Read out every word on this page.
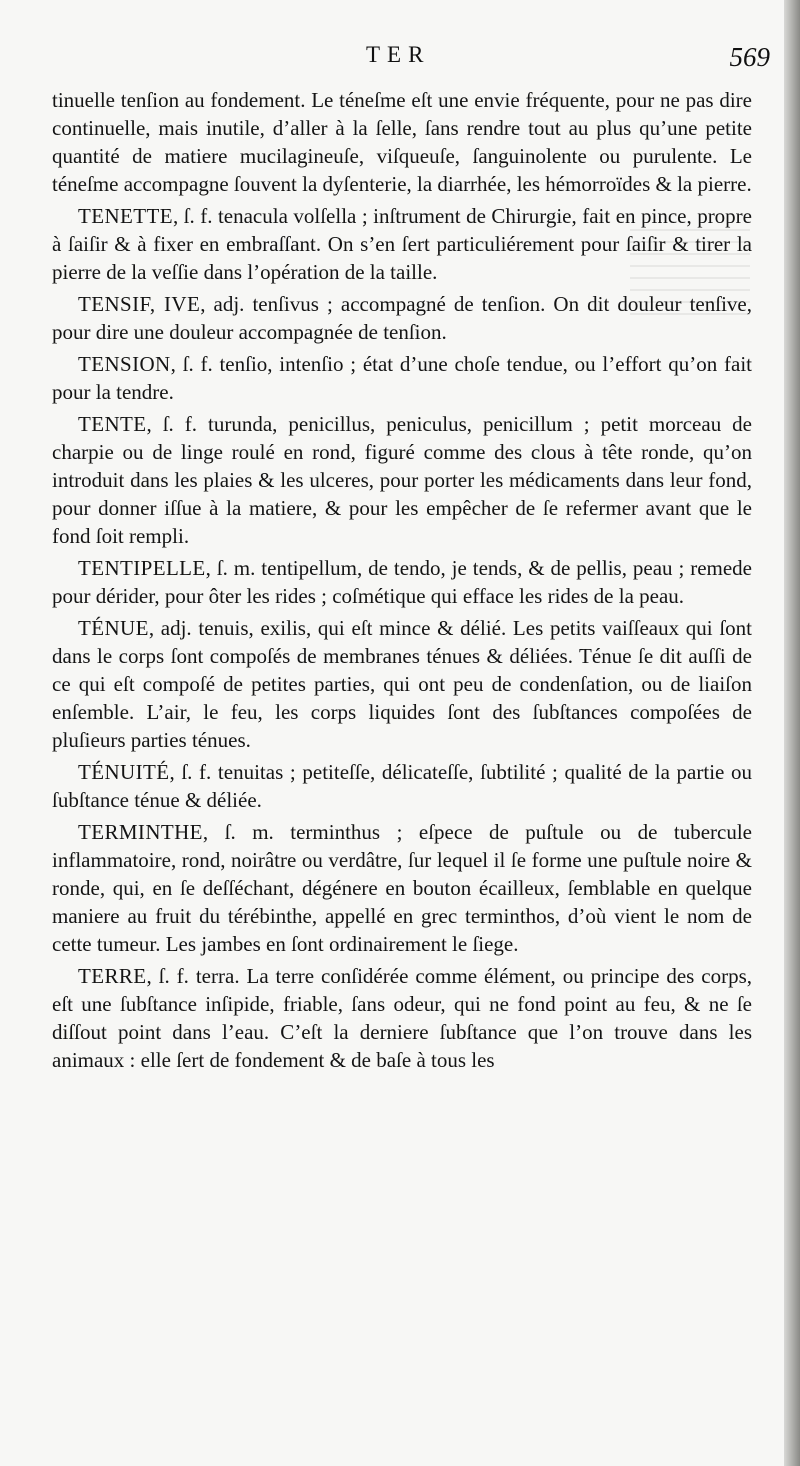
TER	569

tinuelle tenſion au fondement. Le téneſme eſt une envie fréquente, pour ne pas dire continuelle, mais inutile, d’aller à la ſelle, ſans rendre tout au plus qu’une petite quantité de matiere mucilagineuſe, viſqueuſe, ſanguinolente ou purulente. Le téneſme accompagne ſouvent la dyſenterie, la diarrhée, les hémorroïdes & la pierre.

TENETTE, ſ. f. tenacula volſella ; inſtrument de Chirurgie, fait en pince, propre à ſaiſir & à fixer en embraſſant. On s’en ſert particuliérement pour ſaiſir & tirer la pierre de la veſſie dans l’opération de la taille.

TENSIF, IVE, adj. tenſivus ; accompagné de tenſion. On dit douleur tenſive, pour dire une douleur accompagnée de tenſion.

TENSION, ſ. f. tenſio, intenſio ; état d’une choſe tendue, ou l’effort qu’on fait pour la tendre.

TENTE, ſ. f. turunda, penicillus, peniculus, penicillum ; petit morceau de charpie ou de linge roulé en rond, figuré comme des clous à tête ronde, qu’on introduit dans les plaies & les ulceres, pour porter les médicaments dans leur fond, pour donner iſſue à la matiere, & pour les empêcher de ſe refermer avant que le fond ſoit rempli.

TENTIPELLE, ſ. m. tentipellum, de tendo, je tends, & de pellis, peau ; remede pour dérider, pour ôter les rides ; coſmétique qui efface les rides de la peau.

TÉNUE, adj. tenuis, exilis, qui eſt mince & délié. Les petits vaiſſeaux qui ſont dans le corps ſont compoſés de membranes ténues & déliées. Ténue ſe dit auſſi de ce qui eſt compoſé de petites parties, qui ont peu de condenſation, ou de liaiſon enſemble. L’air, le feu, les corps liquides ſont des ſubſtances compoſées de pluſieurs parties ténues.

TÉNUITÉ, ſ. f. tenuitas ; petiteſſe, délicateſſe, ſubtilité ; qualité de la partie ou ſubſtance ténue & déliée.

TERMINTHE, ſ. m. terminthus ; eſpece de puſtule ou de tubercule inflammatoire, rond, noirâtre ou verdâtre, ſur lequel il ſe forme une puſtule noire & ronde, qui, en ſe deſſéchant, dégénere en bouton écailleux, ſemblable en quelque maniere au fruit du térébinthe, appellé en grec terminthos, d’où vient le nom de cette tumeur. Les jambes en ſont ordinairement le ſiege.

TERRE, ſ. f. terra. La terre conſidérée comme élément, ou principe des corps, eſt une ſubſtance inſipide, friable, ſans odeur, qui ne fond point au feu, & ne ſe diſſout point dans l’eau. C’eſt la derniere ſubſtance que l’on trouve dans les animaux : elle ſert de fondement & de baſe à tous les
